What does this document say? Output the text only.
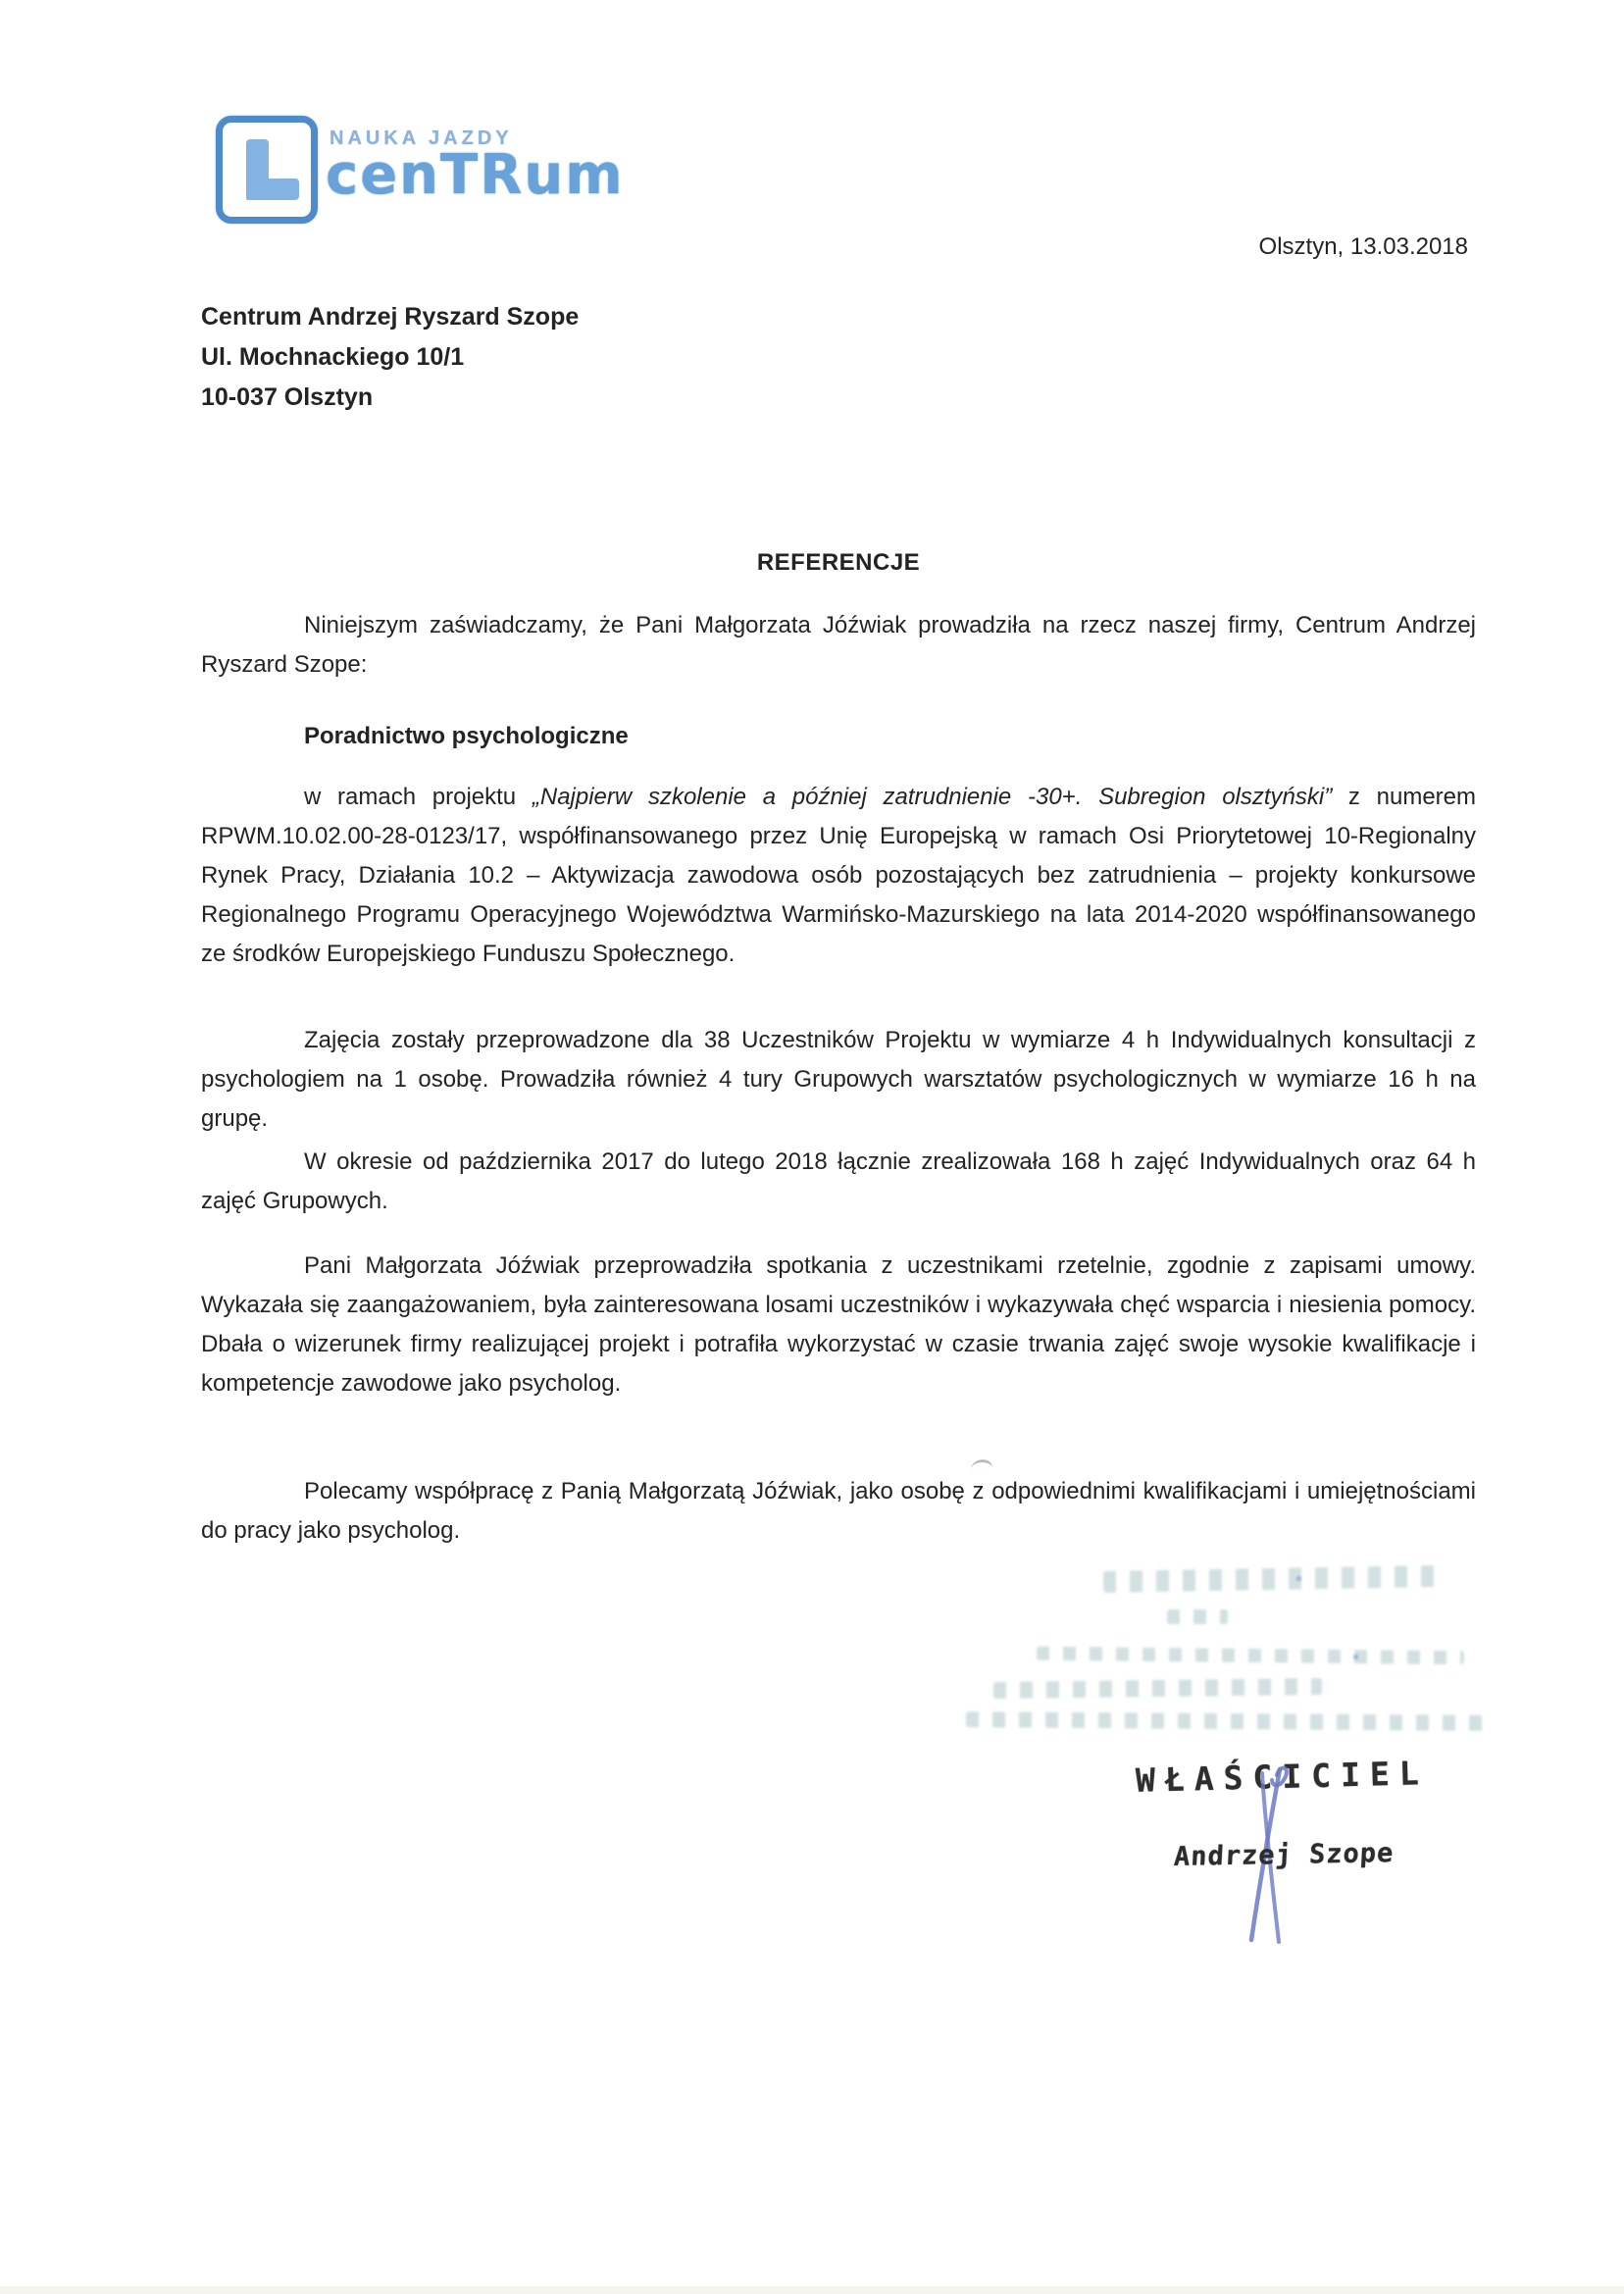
NAUKA JAZDY
cenTRum
Olsztyn, 13.03.2018
Centrum Andrzej Ryszard Szope
Ul. Mochnackiego 10/1
10-037 Olsztyn
REFERENCJE

Niniejszym zaświadczamy, że Pani Małgorzata Jóźwiak prowadziła na rzecz naszej firmy, Centrum Andrzej Ryszard Szope:

Poradnictwo psychologiczne

w ramach projektu „Najpierw szkolenie a później zatrudnienie -30+. Subregion olsztyński” z numerem RPWM.10.02.00-28-0123/17, współfinansowanego przez Unię Europejską w ramach Osi Priorytetowej 10-Regionalny Rynek Pracy, Działania 10.2 – Aktywizacja zawodowa osób pozostających bez zatrudnienia – projekty konkursowe Regionalnego Programu Operacyjnego Województwa Warmińsko-Mazurskiego na lata 2014-2020 współfinansowanego ze środków Europejskiego Funduszu Społecznego.

Zajęcia zostały przeprowadzone dla 38 Uczestników Projektu w wymiarze 4 h Indywidualnych konsultacji z psychologiem na 1 osobę. Prowadziła również 4 tury Grupowych warsztatów psychologicznych w wymiarze 16 h na grupę.

W okresie od października 2017 do lutego 2018 łącznie zrealizowała 168 h zajęć Indywidualnych oraz 64 h zajęć Grupowych.

Pani Małgorzata Jóźwiak przeprowadziła spotkania z uczestnikami rzetelnie, zgodnie z zapisami umowy. Wykazała się zaangażowaniem, była zainteresowana losami uczestników i wykazywała chęć wsparcia i niesienia pomocy. Dbała o wizerunek firmy realizującej projekt i potrafiła wykorzystać w czasie trwania zajęć swoje wysokie kwalifikacje i kompetencje zawodowe jako psycholog.

Polecamy współpracę z Panią Małgorzatą Jóźwiak, jako osobę z odpowiednimi kwalifikacjami i umiejętnościami do pracy jako psycholog.

WŁAŚCICIEL
Andrzej Szope
